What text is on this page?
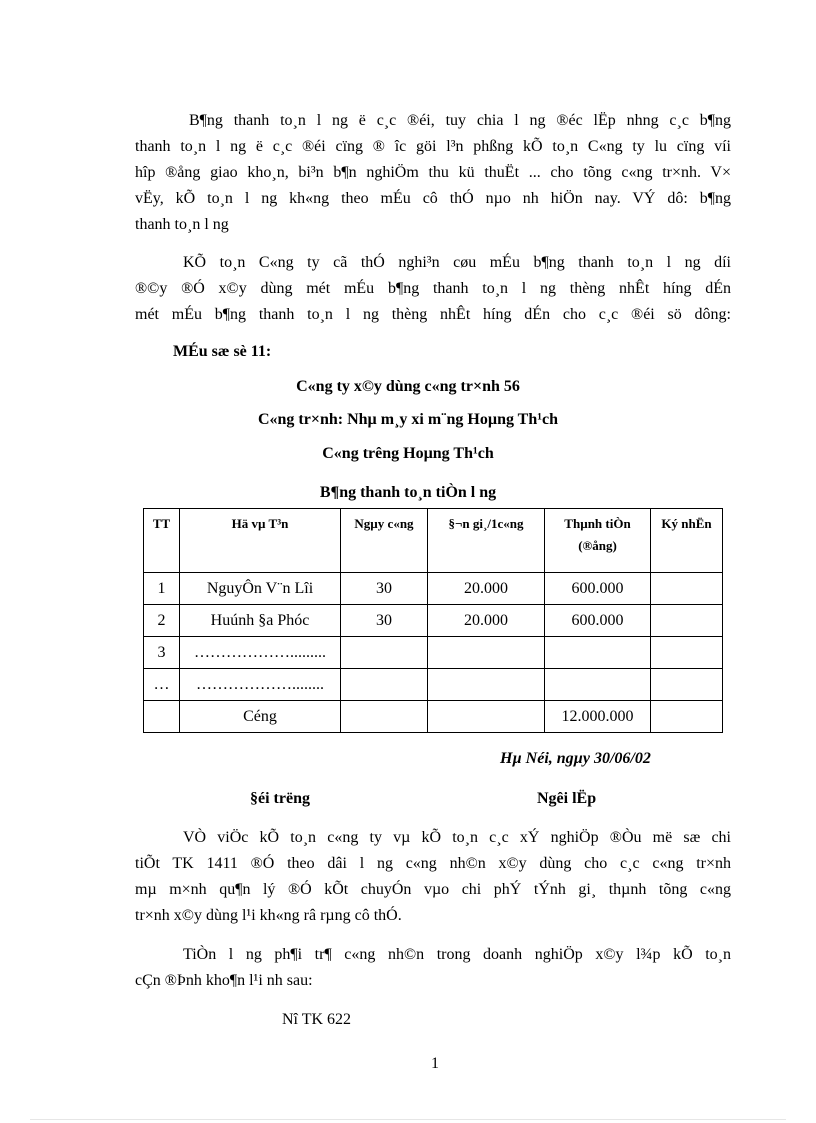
B¶ng thanh to¸n l ng ë c¸c ®éi, tuy chia l ng ®éc lËp nhng c¸c b¶ng
thanh to¸n l ng ë c¸c ®éi cïng ® îc göi l³n phßng kÕ to¸n C«ng ty lu cïng víi
hîp ®ång giao kho¸n, bi³n b¶n nghiÖm thu kü thuËt ... cho tõng c«ng tr×nh. V×
vËy, kÕ to¸n l ng kh«ng theo mÉu cô thÓ nµo nh hiÖn nay. VÝ dô: b¶ng
thanh to¸n l ng
KÕ to¸n C«ng ty cã thÓ nghi³n cøu mÉu b¶ng thanh to¸n l ng díi
®©y ®Ó x©y dùng mét mÉu b¶ng thanh to¸n l ng thèng nhÊt híng dÉn
mét mÉu b¶ng thanh to¸n l ng thèng nhÊt híng dÉn cho c¸c ®éi sö dông:

MÉu sæ sè 11:

C«ng ty x©y dùng c«ng tr×nh 56

C«ng tr×nh: Nhµ m¸y xi m¨ng Hoµng Th¹ch

C«ng trêng Hoµng Th¹ch

B¶ng thanh to¸n tiÒn l ng

TT	Hä vµ T³n	Ngµy c«ng	§¬n gi¸/1c«ng	Thµnh tiÒn (®ång)	Ký nhËn
1	NguyÔn V¨n Lîi	30	20.000	600.000	
2	Huúnh §a Phóc	30	20.000	600.000	
3	……………….........				
…	………………........				
	Céng			12.000.000	

Hµ Néi, ngµy 30/06/02

§éi trëng	Ngêi lËp

VÒ viÖc kÕ to¸n c«ng ty vµ kÕ to¸n c¸c xÝ nghiÖp ®Òu më sæ chi
tiÕt TK 1411 ®Ó theo dâi l ng c«ng nh©n x©y dùng cho c¸c c«ng tr×nh
mµ m×nh qu¶n lý ®Ó kÕt chuyÓn vµo chi phÝ tÝnh gi¸ thµnh tõng c«ng
tr×nh x©y dùng l¹i kh«ng râ rµng cô thÓ.
TiÒn l ng ph¶i tr¶ c«ng nh©n trong doanh nghiÖp x©y l¾p kÕ to¸n
cÇn ®Þnh kho¶n l¹i nh sau:

Nî TK 622

1
